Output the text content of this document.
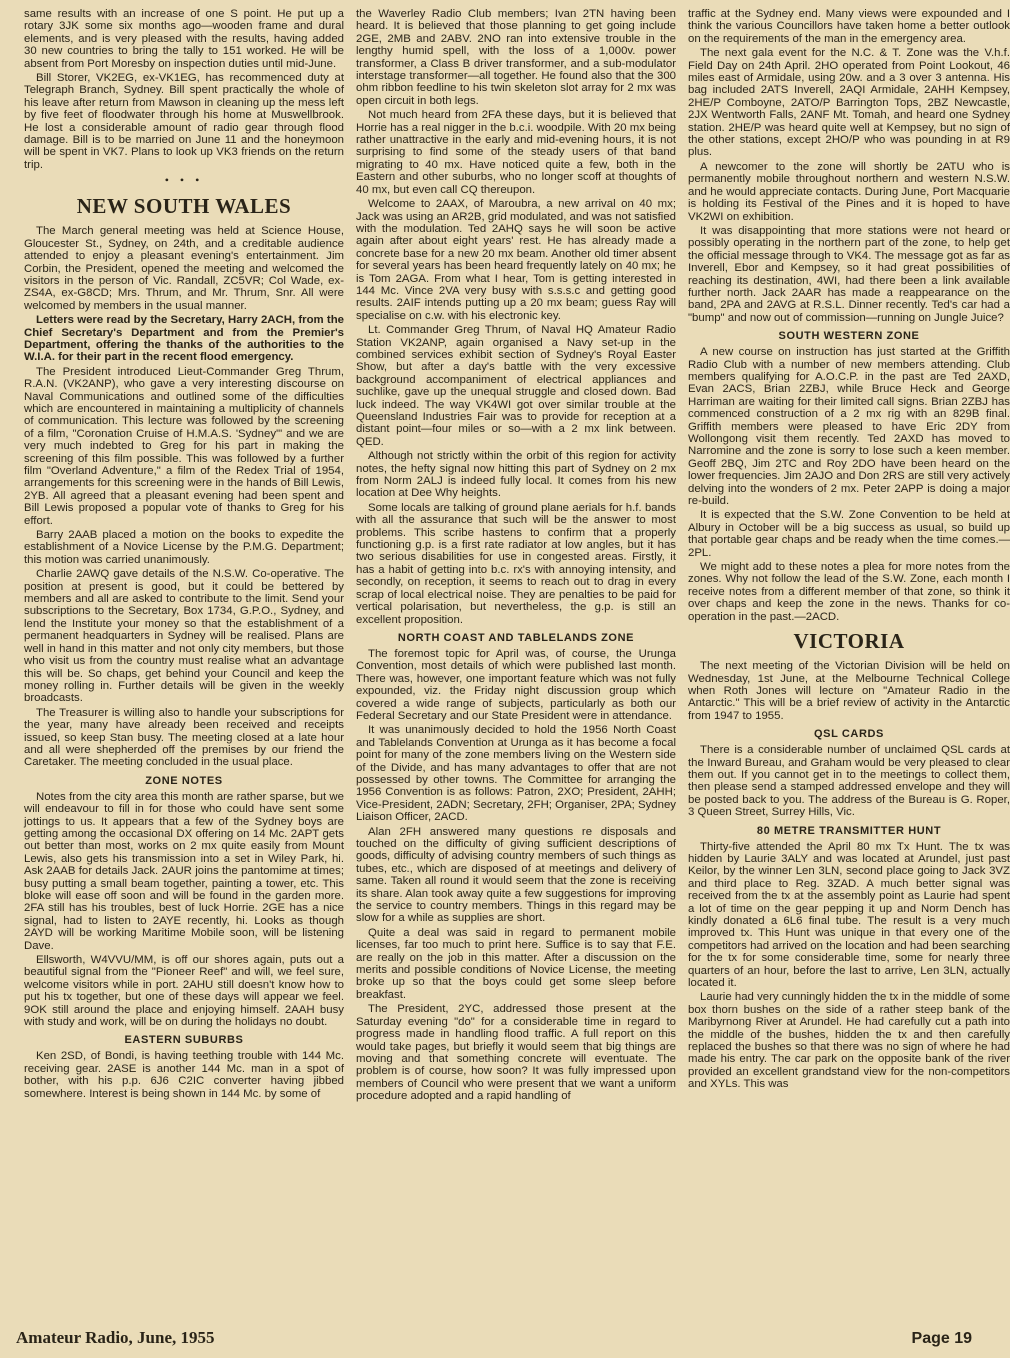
same results with an increase of one S point. He put up a rotary 3JK some six months ago—wooden frame and dural elements, and is very pleased with the results, having added 30 new countries to bring the tally to 151 worked. He will be absent from Port Moresby on inspection duties until mid-June.

Bill Storer, VK2EG, ex-VK1EG, has recommenced duty at Telegraph Branch, Sydney. Bill spent practically the whole of his leave after return from Mawson in cleaning up the mess left by five feet of floodwater through his home at Muswellbrook. He lost a considerable amount of radio gear through flood damage. Bill is to be married on June 11 and the honeymoon will be spent in VK7. Plans to look up VK3 friends on the return trip.

• • •
NEW SOUTH WALES

The March general meeting was held at Science House, Gloucester St., Sydney, on 24th, and a creditable audience attended to enjoy a pleasant evening's entertainment. Jim Corbin, the President, opened the meeting and welcomed the visitors in the person of Vic. Randall, ZC5VR; Col Wade, ex-ZS4A, ex-G8CD; Mrs. Thrum, and Mr. Thrum, Snr. All were welcomed by members in the usual manner.

Letters were read by the Secretary, Harry 2ACH, from the Chief Secretary's Department and from the Premier's Department, offering the thanks of the authorities to the W.I.A. for their part in the recent flood emergency.

The President introduced Lieut-Commander Greg Thrum, R.A.N. (VK2ANP), who gave a very interesting discourse on Naval Communications and outlined some of the difficulties which are encountered in maintaining a multiplicity of channels of communication. This lecture was followed by the screening of a film, "Coronation Cruise of H.M.A.S. 'Sydney'" and we are very much indebted to Greg for his part in making the screening of this film possible. This was followed by a further film "Overland Adventure," a film of the Redex Trial of 1954, arrangements for this screening were in the hands of Bill Lewis, 2YB. All agreed that a pleasant evening had been spent and Bill Lewis proposed a popular vote of thanks to Greg for his effort.

Barry 2AAB placed a motion on the books to expedite the establishment of a Novice License by the P.M.G. Department; this motion was carried unanimously.

Charlie 2AWQ gave details of the N.S.W. Co-operative. The position at present is good, but it could be bettered by members and all are asked to contribute to the limit. Send your subscriptions to the Secretary, Box 1734, G.P.O., Sydney, and lend the Institute your money so that the establishment of a permanent headquarters in Sydney will be realised. Plans are well in hand in this matter and not only city members, but those who visit us from the country must realise what an advantage this will be. So chaps, get behind your Council and keep the money rolling in. Further details will be given in the weekly broadcasts.

The Treasurer is willing also to handle your subscriptions for the year, many have already been received and receipts issued, so keep Stan busy. The meeting closed at a late hour and all were shepherded off the premises by our friend the Caretaker. The meeting concluded in the usual place.

ZONE NOTES

Notes from the city area this month are rather sparse, but we will endeavour to fill in for those who could have sent some jottings to us. It appears that a few of the Sydney boys are getting among the occasional DX offering on 14 Mc. 2APT gets out better than most, works on 2 mx quite easily from Mount Lewis, also gets his transmission into a set in Wiley Park, hi. Ask 2AAB for details Jack. 2AUR joins the pantomime at times; busy putting a small beam together, painting a tower, etc. This bloke will ease off soon and will be found in the garden more. 2FA still has his troubles, best of luck Horrie. 2GE has a nice signal, had to listen to 2AYE recently, hi. Looks as though 2AYD will be working Maritime Mobile soon, will be listening Dave.

Ellsworth, W4VVU/MM, is off our shores again, puts out a beautiful signal from the "Pioneer Reef" and will, we feel sure, welcome visitors while in port. 2AHU still doesn't know how to put his tx together, but one of these days will appear we feel. 9OK still around the place and enjoying himself. 2AAH busy with study and work, will be on during the holidays no doubt.

EASTERN SUBURBS

Ken 2SD, of Bondi, is having teething trouble with 144 Mc. receiving gear. 2ASE is another 144 Mc. man in a spot of bother, with his p.p. 6J6 C2IC converter having jibbed somewhere. Interest is being shown in 144 Mc. by some of

the Waverley Radio Club members; Ivan 2TN having been heard. It is believed that those planning to get going include 2GE, 2MB and 2ABV. 2NO ran into extensive trouble in the lengthy humid spell, with the loss of a 1,000v. power transformer, a Class B driver transformer, and a sub-modulator interstage transformer—all together. He found also that the 300 ohm ribbon feedline to his twin skeleton slot array for 2 mx was open circuit in both legs.

Not much heard from 2FA these days, but it is believed that Horrie has a real nigger in the b.c.i. woodpile. With 20 mx being rather unattractive in the early and mid-evening hours, it is not surprising to find some of the steady users of that band migrating to 40 mx. Have noticed quite a few, both in the Eastern and other suburbs, who no longer scoff at thoughts of 40 mx, but even call CQ thereupon.

Welcome to 2AAX, of Maroubra, a new arrival on 40 mx; Jack was using an AR2B, grid modulated, and was not satisfied with the modulation. Ted 2AHQ says he will soon be active again after about eight years' rest. He has already made a concrete base for a new 20 mx beam. Another old timer absent for several years has been heard frequently lately on 40 mx; he is Tom 2AGA. From what I hear, Tom is getting interested in 144 Mc. Vince 2VA very busy with s.s.s.c and getting good results. 2AIF intends putting up a 20 mx beam; guess Ray will specialise on c.w. with his electronic key.

Lt. Commander Greg Thrum, of Naval HQ Amateur Radio Station VK2ANP, again organised a Navy set-up in the combined services exhibit section of Sydney's Royal Easter Show, but after a day's battle with the very excessive background accompaniment of electrical appliances and suchlike, gave up the unequal struggle and closed down. Bad luck indeed. The way VK4WI got over similar trouble at the Queensland Industries Fair was to provide for reception at a distant point—four miles or so—with a 2 mx link between. QED.

Although not strictly within the orbit of this region for activity notes, the hefty signal now hitting this part of Sydney on 2 mx from Norm 2ALJ is indeed fully local. It comes from his new location at Dee Why heights.

Some locals are talking of ground plane aerials for h.f. bands with all the assurance that such will be the answer to most problems. This scribe hastens to confirm that a properly functioning g.p. is a first rate radiator at low angles, but it has two serious disabilities for use in congested areas. Firstly, it has a habit of getting into b.c. rx's with annoying intensity, and secondly, on reception, it seems to reach out to drag in every scrap of local electrical noise. They are penalties to be paid for vertical polarisation, but nevertheless, the g.p. is still an excellent proposition.

NORTH COAST AND TABLELANDS ZONE

The foremost topic for April was, of course, the Urunga Convention, most details of which were published last month. There was, however, one important feature which was not fully expounded, viz. the Friday night discussion group which covered a wide range of subjects, particularly as both our Federal Secretary and our State President were in attendance.

It was unanimously decided to hold the 1956 North Coast and Tablelands Convention at Urunga as it has become a focal point for many of the zone members living on the Western side of the Divide, and has many advantages to offer that are not possessed by other towns. The Committee for arranging the 1956 Convention is as follows: Patron, 2XO; President, 2AHH; Vice-President, 2ADN; Secretary, 2FH; Organiser, 2PA; Sydney Liaison Officer, 2ACD.

Alan 2FH answered many questions re disposals and touched on the difficulty of giving sufficient descriptions of goods, difficulty of advising country members of such things as tubes, etc., which are disposed of at meetings and delivery of same. Taken all round it would seem that the zone is receiving its share. Alan took away quite a few suggestions for improving the service to country members. Things in this regard may be slow for a while as supplies are short.

Quite a deal was said in regard to permanent mobile licenses, far too much to print here. Suffice is to say that F.E. are really on the job in this matter. After a discussion on the merits and possible conditions of Novice License, the meeting broke up so that the boys could get some sleep before breakfast.

The President, 2YC, addressed those present at the Saturday evening "do" for a considerable time in regard to progress made in handling flood traffic. A full report on this would take pages, but briefly it would seem that big things are moving and that something concrete will eventuate. The problem is of course, how soon? It was fully impressed upon members of Council who were present that we want a uniform procedure adopted and a rapid handling of

traffic at the Sydney end. Many views were expounded and I think the various Councillors have taken home a better outlook on the requirements of the man in the emergency area.

The next gala event for the N.C. & T. Zone was the V.h.f. Field Day on 24th April. 2HO operated from Point Lookout, 46 miles east of Armidale, using 20w. and a 3 over 3 antenna. His bag included 2ATS Inverell, 2AQI Armidale, 2AHH Kempsey, 2HE/P Comboyne, 2ATO/P Barrington Tops, 2BZ Newcastle, 2JX Wentworth Falls, 2ANF Mt. Tomah, and heard one Sydney station. 2HE/P was heard quite well at Kempsey, but no sign of the other stations, except 2HO/P who was pounding in at R9 plus.

A newcomer to the zone will shortly be 2ATU who is permanently mobile throughout northern and western N.S.W. and he would appreciate contacts. During June, Port Macquarie is holding its Festival of the Pines and it is hoped to have VK2WI on exhibition.

It was disappointing that more stations were not heard or possibly operating in the northern part of the zone, to help get the official message through to VK4. The message got as far as Inverell, Ebor and Kempsey, so it had great possibilities of reaching its destination, 4WI, had there been a link available further north. Jack 2AAR has made a reappearance on the band, 2PA and 2AVG at R.S.L. Dinner recently. Ted's car had a "bump" and now out of commission—running on Jungle Juice?

SOUTH WESTERN ZONE

A new course on instruction has just started at the Griffith Radio Club with a number of new members attending. Club members qualifying for A.O.C.P. in the past are Ted 2AXD, Evan 2ACS, Brian 2ZBJ, while Bruce Heck and George Harriman are waiting for their limited call signs. Brian 2ZBJ has commenced construction of a 2 mx rig with an 829B final. Griffith members were pleased to have Eric 2DY from Wollongong visit them recently. Ted 2AXD has moved to Narromine and the zone is sorry to lose such a keen member. Geoff 2BQ, Jim 2TC and Roy 2DO have been heard on the lower frequencies. Jim 2AJO and Don 2RS are still very actively delving into the wonders of 2 mx. Peter 2APP is doing a major re-build.

It is expected that the S.W. Zone Convention to be held at Albury in October will be a big success as usual, so build up that portable gear chaps and be ready when the time comes.—2PL.

We might add to these notes a plea for more notes from the zones. Why not follow the lead of the S.W. Zone, each month I receive notes from a different member of that zone, so think it over chaps and keep the zone in the news. Thanks for co-operation in the past.—2ACD.

VICTORIA

The next meeting of the Victorian Division will be held on Wednesday, 1st June, at the Melbourne Technical College when Roth Jones will lecture on "Amateur Radio in the Antarctic." This will be a brief review of activity in the Antarctic from 1947 to 1955.

QSL CARDS

There is a considerable number of unclaimed QSL cards at the Inward Bureau, and Graham would be very pleased to clear them out. If you cannot get in to the meetings to collect them, then please send a stamped addressed envelope and they will be posted back to you. The address of the Bureau is G. Roper, 3 Queen Street, Surrey Hills, Vic.

80 METRE TRANSMITTER HUNT

Thirty-five attended the April 80 mx Tx Hunt. The tx was hidden by Laurie 3ALY and was located at Arundel, just past Keilor, by the winner Len 3LN, second place going to Jack 3VZ and third place to Reg. 3ZAD. A much better signal was received from the tx at the assembly point as Laurie had spent a lot of time on the gear pepping it up and Norm Dench has kindly donated a 6L6 final tube. The result is a very much improved tx. This Hunt was unique in that every one of the competitors had arrived on the location and had been searching for the tx for some considerable time, some for nearly three quarters of an hour, before the last to arrive, Len 3LN, actually located it.

Laurie had very cunningly hidden the tx in the middle of some box thorn bushes on the side of a rather steep bank of the Maribyrnong River at Arundel. He had carefully cut a path into the middle of the bushes, hidden the tx and then carefully replaced the bushes so that there was no sign of where he had made his entry. The car park on the opposite bank of the river provided an excellent grandstand view for the non-competitors and XYLs. This was

Amateur Radio, June, 1955	Page 19
